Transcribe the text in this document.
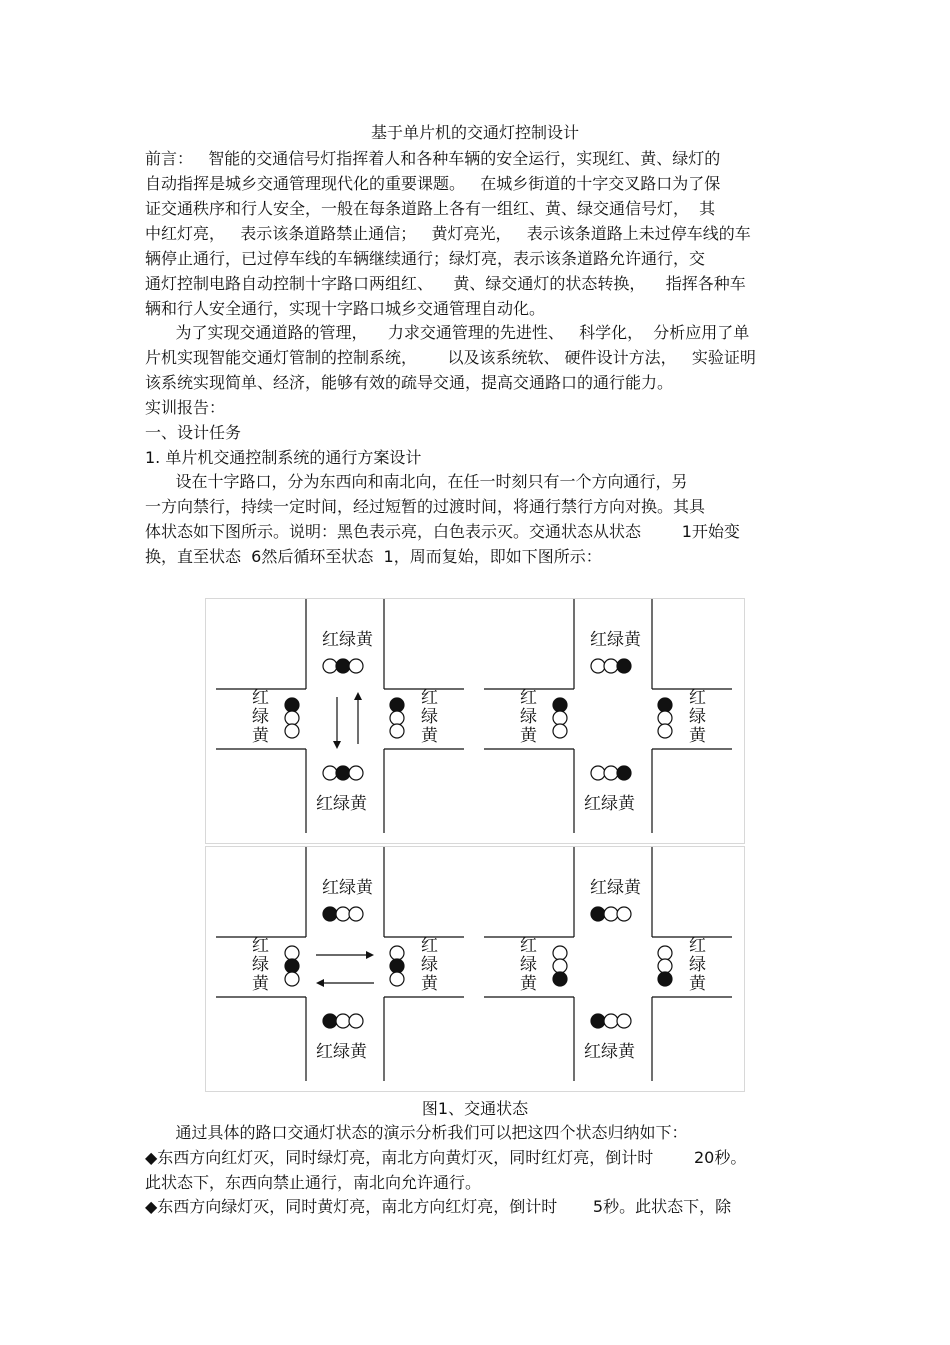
基于单片机的交通灯控制设计
前言：   智能的交通信号灯指挥着人和各种车辆的安全运行，实现红、黄、绿灯的
自动指挥是城乡交通管理现代化的重要课题。   在城乡街道的十字交叉路口为了保
证交通秩序和行人安全，一般在每条道路上各有一组红、黄、绿交通信号灯，  其
中红灯亮，   表示该条道路禁止通信；   黄灯亮光，   表示该条道路上未过停车线的车
辆停止通行，已过停车线的车辆继续通行；绿灯亮，表示该条道路允许通行，交
通灯控制电路自动控制十字路口两组红、    黄、绿交通灯的状态转换，    指挥各种车
辆和行人安全通行，实现十字路口城乡交通管理自动化。
为了实现交通道路的管理，    力求交通管理的先进性、   科学化，  分析应用了单
片机实现智能交通灯管制的控制系统，      以及该系统软、 硬件设计方法，   实验证明
该系统实现简单、经济，能够有效的疏导交通，提高交通路口的通行能力。
实训报告：
一、设计任务
1. 单片机交通控制系统的通行方案设计
设在十字路口，分为东西向和南北向，在任一时刻只有一个方向通行，另
一方向禁行，持续一定时间，经过短暂的过渡时间，将通行禁行方向对换。其具
体状态如下图所示。说明：黑色表示亮，白色表示灭。交通状态从状态        1开始变
换，直至状态  6然后循环至状态  1，周而复始，即如下图所示：
红绿黄
红绿黄
红	红
绿	绿
黄	黄
红绿黄
红绿黄
红	红
绿	绿
黄	黄
红绿黄
红绿黄
红	红
绿	绿
黄	黄
红绿黄
红绿黄
红	红
绿	绿
黄	黄
图1、交通状态
通过具体的路口交通灯状态的演示分析我们可以把这四个状态归纳如下：
◆东西方向红灯灭，同时绿灯亮，南北方向黄灯灭，同时红灯亮，倒计时        20秒。
此状态下，东西向禁止通行，南北向允许通行。
◆东西方向绿灯灭，同时黄灯亮，南北方向红灯亮，倒计时       5秒。此状态下，除
